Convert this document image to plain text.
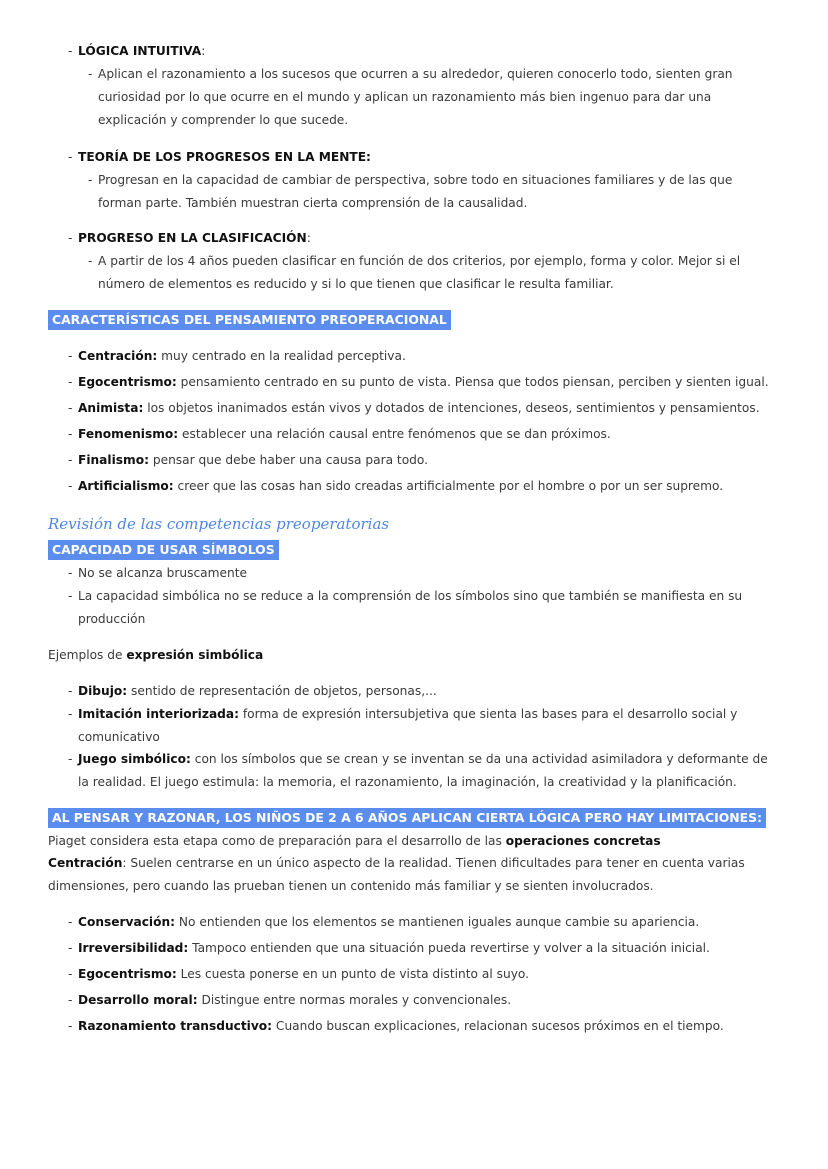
- LÓGICA INTUITIVA:
- Aplican el razonamiento a los sucesos que ocurren a su alrededor, quieren conocerlo todo, sienten gran curiosidad por lo que ocurre en el mundo y aplican un razonamiento más bien ingenuo para dar una explicación y comprender lo que sucede.
- TEORÍA DE LOS PROGRESOS EN LA MENTE:
- Progresan en la capacidad de cambiar de perspectiva, sobre todo en situaciones familiares y de las que forman parte. También muestran cierta comprensión de la causalidad.
- PROGRESO EN LA CLASIFICACIÓN:
- A partir de los 4 años pueden clasificar en función de dos criterios, por ejemplo, forma y color. Mejor si el número de elementos es reducido y si lo que tienen que clasificar le resulta familiar.
CARACTERÍSTICAS DEL PENSAMIENTO PREOPERACIONAL
- Centración: muy centrado en la realidad perceptiva.
- Egocentrismo: pensamiento centrado en su punto de vista. Piensa que todos piensan, perciben y sienten igual.
- Animista: los objetos inanimados están vivos y dotados de intenciones, deseos, sentimientos y pensamientos.
- Fenomenismo: establecer una relación causal entre fenómenos que se dan próximos.
- Finalismo: pensar que debe haber una causa para todo.
- Artificialismo: creer que las cosas han sido creadas artificialmente por el hombre o por un ser supremo.
Revisión de las competencias preoperatorias
CAPACIDAD DE USAR SÍMBOLOS
- No se alcanza bruscamente
- La capacidad simbólica no se reduce a la comprensión de los símbolos sino que también se manifiesta en su producción
Ejemplos de expresión simbólica
- Dibujo: sentido de representación de objetos, personas,...
- Imitación interiorizada: forma de expresión intersubjetiva que sienta las bases para el desarrollo social y comunicativo
- Juego simbólico: con los símbolos que se crean y se inventan se da una actividad asimiladora y deformante de la realidad. El juego estimula: la memoria, el razonamiento, la imaginación, la creatividad y la planificación.
AL PENSAR Y RAZONAR, LOS NIÑOS DE 2 A 6 AÑOS APLICAN CIERTA LÓGICA PERO HAY LIMITACIONES:
Piaget considera esta etapa como de preparación para el desarrollo de las operaciones concretas
Centración: Suelen centrarse en un único aspecto de la realidad. Tienen dificultades para tener en cuenta varias dimensiones, pero cuando las prueban tienen un contenido más familiar y se sienten involucrados.
- Conservación: No entienden que los elementos se mantienen iguales aunque cambie su apariencia.
- Irreversibilidad: Tampoco entienden que una situación pueda revertirse y volver a la situación inicial.
- Egocentrismo: Les cuesta ponerse en un punto de vista distinto al suyo.
- Desarrollo moral: Distingue entre normas morales y convencionales.
- Razonamiento transductivo: Cuando buscan explicaciones, relacionan sucesos próximos en el tiempo.
